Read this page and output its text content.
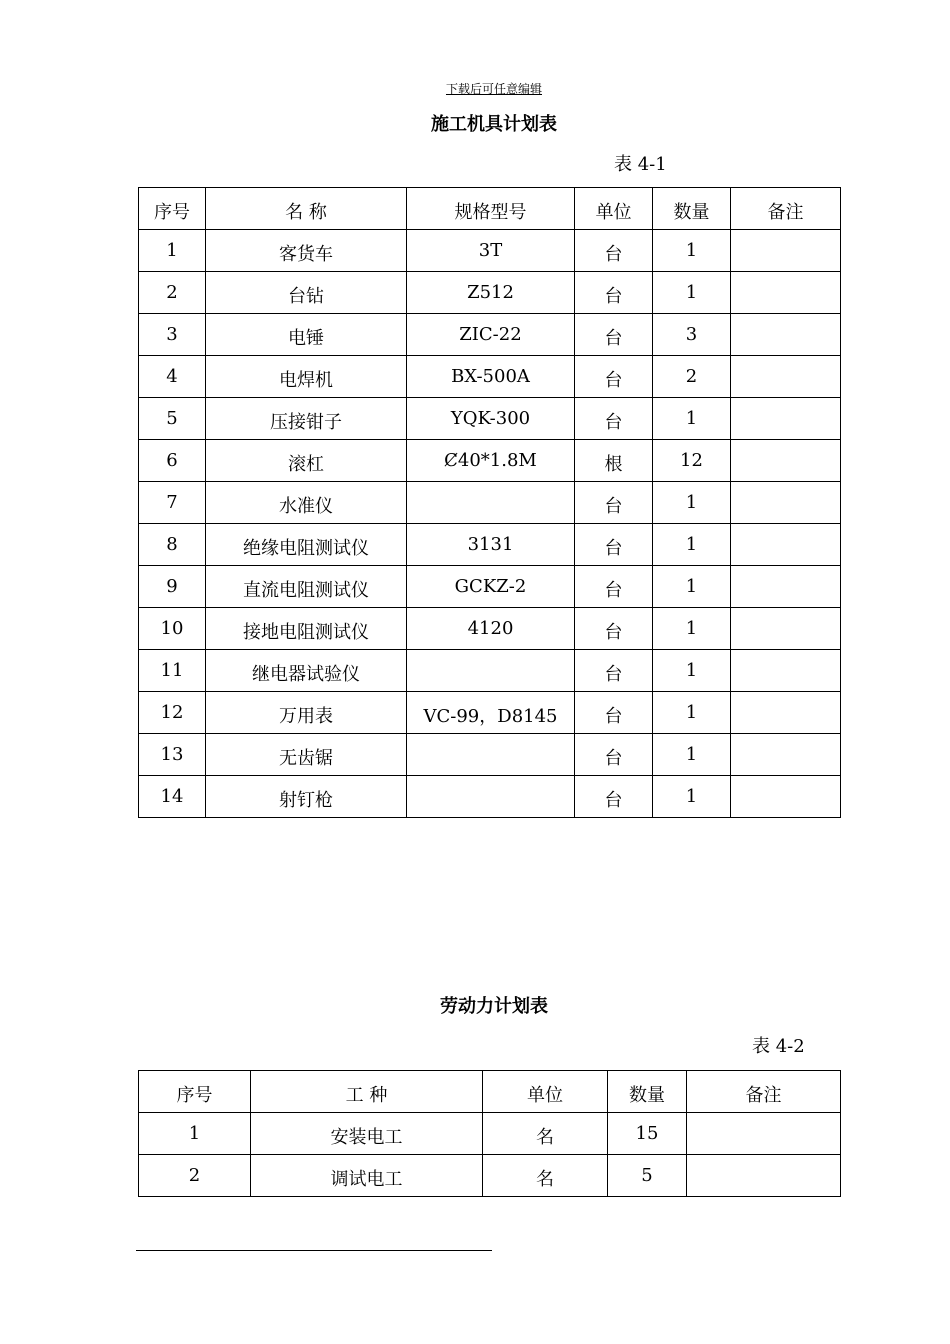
下载后可任意编辑
施工机具计划表
表 4-1
序号	名 称	规格型号	单位	数量	备注
1	客货车	3T	台	1	
2	台钻	Z512	台	1	
3	电锤	ZIC-22	台	3	
4	电焊机	BX-500A	台	2	
5	压接钳子	YQK-300	台	1	
6	滚杠	Ȼ40*1.8M	根	12	
7	水准仪		台	1	
8	绝缘电阻测试仪	3131	台	1	
9	直流电阻测试仪	GCKZ-2	台	1	
10	接地电阻测试仪	4120	台	1	
11	继电器试验仪		台	1	
12	万用表	VC-99，D8145	台	1	
13	无齿锯		台	1	
14	射钉枪		台	1	
劳动力计划表
表 4-2
序号	工 种	单位	数量	备注
1	安装电工	名	15	
2	调试电工	名	5	
